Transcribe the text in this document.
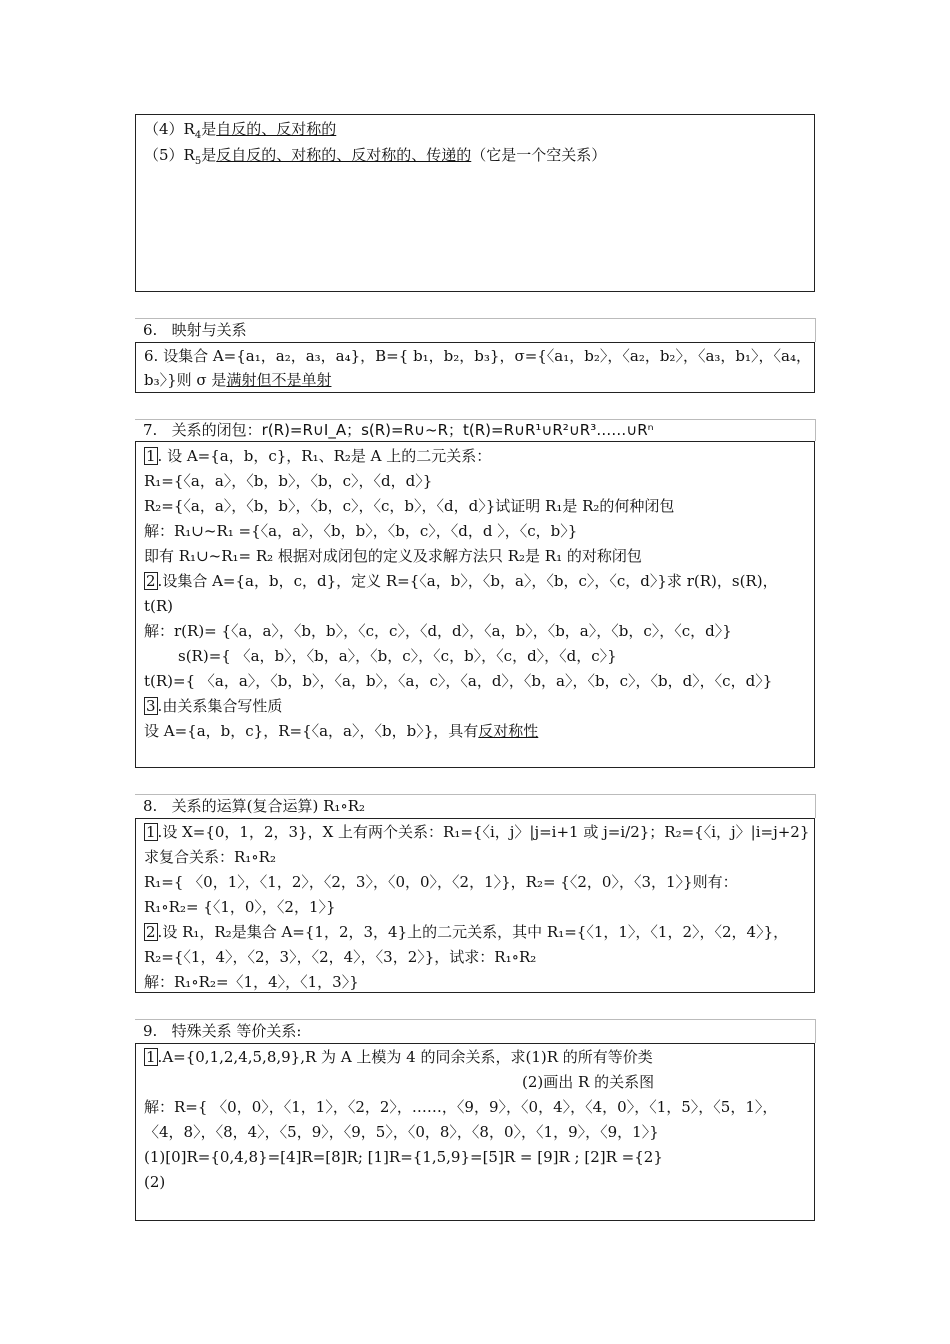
$(4)R_4$是自反的、反对称的
$(5)R_5$是反自反的、对称的、反对称的、传递的（它是一个空关系）
6. 映射与关系
6. 设集合 A={a₁，a₂，a₃，a₄}，B={ b₁，b₂，b₃}，σ={〈a₁，b₂〉，〈a₂，b₂〉，〈a₃，b₁〉，〈a₄，
b₃〉}则 σ 是满射但不是单射
7. 关系的闭包：r(R)=R∪I_A；s(R)=R∪~R；t(R)=R∪R¹∪R²∪R³……∪Rⁿ
1 . 设 A={a，b，c}，R₁、R₂是 A 上的二元关系：
R₁={〈a，a〉，〈b，b〉，〈b，c〉，〈d，d〉}
R₂={〈a，a〉，〈b，b〉，〈b，c〉，〈c，b〉，〈d，d〉}试证明 R₁是 R₂的何种闭包
解：R₁∪~R₁ ={〈a，a〉，〈b，b〉，〈b，c〉，〈d，d 〉，〈c，b〉}
即有 R₁∪~R₁= R₂ 根据对成闭包的定义及求解方法只 R₂是 R₁ 的对称闭包
2 .设集合 A={a，b，c，d}，定义 R={〈a，b〉，〈b，a〉，〈b，c〉，〈c，d〉}求 r(R)，s(R)，
t(R)
解：r(R)= {〈a，a〉，〈b，b〉，〈c，c〉，〈d，d〉，〈a，b〉，〈b，a〉，〈b，c〉，〈c，d〉}
s(R)={ 〈a，b〉，〈b，a〉，〈b，c〉，〈c，b〉，〈c，d〉，〈d，c〉}
t(R)={ 〈a，a〉，〈b，b〉，〈a，b〉，〈a，c〉，〈a，d〉，〈b，a〉，〈b，c〉，〈b，d〉，〈c，d〉}
3 .由关系集合写性质
设 A={a，b，c}，R={〈a，a〉，〈b，b〉}，具有反对称性
8. 关系的运算(复合运算) R₁∘R₂
1 .设 X={0，1，2，3}，X 上有两个关系：R₁={〈i，j〉|j=i+1 或 j=i/2}；R₂={〈i，j〉|i=j+2}
求复合关系：R₁∘R₂
R₁={ 〈0，1〉，〈1，2〉，〈2，3〉，〈0，0〉，〈2，1〉}，R₂= {〈2，0〉，〈3，1〉}则有：
R₁∘R₂= {〈1，0〉，〈2，1〉}
2 .设 R₁，R₂是集合 A={1，2，3，4}上的二元关系，其中 R₁={〈1，1〉，〈1，2〉，〈2，4〉}，
R₂={〈1，4〉，〈2，3〉，〈2，4〉，〈3，2〉}，试求：R₁∘R₂
解：R₁∘R₂=〈1，4〉，〈1，3〉}
9. 特殊关系 等价关系:
1 .A={0,1,2,4,5,8,9},R 为 A 上模为 4 的同余关系，求(1)R 的所有等价类
(2)画出 R 的关系图
解：R={ 〈0，0〉，〈1，1〉，〈2，2〉，……，〈9，9〉，〈0，4〉，〈4，0〉，〈1，5〉，〈5，1〉，
〈4，8〉，〈8，4〉，〈5，9〉，〈9，5〉，〈0，8〉，〈8，0〉，〈1，9〉，〈9，1〉}
(1)[0]R={0,4,8}=[4]R=[8]R; [1]R={1,5,9}=[5]R = [9]R ; [2]R ={2}
(2)
